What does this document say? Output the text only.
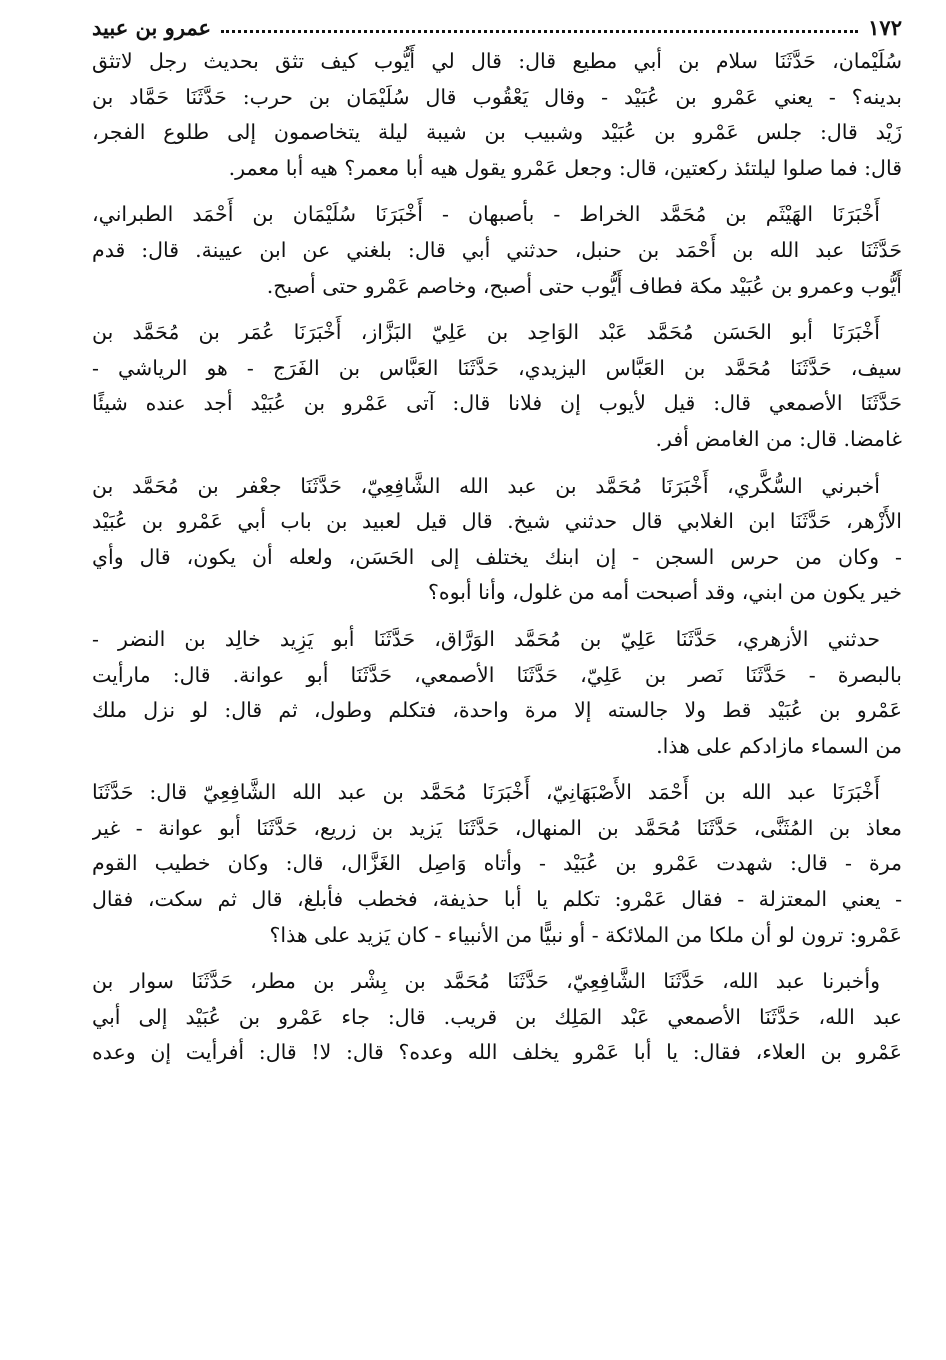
١٧٢
عمرو بن عبيد
سُلَيْمان، حَدَّثَنَا سلام بن أبي مطيع قال: قال لي أَيُّوب كيف تثق بحديث رجل لاتثق
بدينه؟ - يعني عَمْرو بن عُبَيْد - وقال يَعْقُوب قال سُلَيْمَان بن حرب: حَدَّثَنَا حَمَّاد بن
زَيْد قال: جلس عَمْرو بن عُبَيْد وشبيب بن شيبة ليلة يتخاصمون إلى طلوع الفجر،
قال: فما صلوا ليلتئذ ركعتين، قال: وجعل عَمْرو يقول هيه أبا معمر؟ هيه أبا معمر.
أَخْبَرَنَا الهَيْثَم بن مُحَمَّد الخراط - بأصبهان - أَخْبَرَنَا سُلَيْمَان بن أَحْمَد الطبراني،
حَدَّثَنَا عبد الله بن أَحْمَد بن حنبل، حدثني أبي قال: بلغني عن ابن عيينة. قال: قدم
أَيُّوب وعمرو بن عُبَيْد مكة فطاف أَيُّوب حتى أصبح، وخاصم عَمْرو حتى أصبح.
أَخْبَرَنَا أبو الحَسَن مُحَمَّد عَبْد الوَاحِد بن عَلِيّ البَزَّاز، أَخْبَرَنَا عُمَر بن مُحَمَّد بن
سيف، حَدَّثَنَا مُحَمَّد بن العَبَّاس اليزيدي، حَدَّثَنَا العَبَّاس بن الفَرَج - هو الرياشي -
حَدَّثَنَا الأصمعي قال: قيل لأيوب إن فلانا قال: آتى عَمْرو بن عُبَيْد أجد عنده شيئًا
غامضا. قال: من الغامض أفر.
أخبرني السُّكَّري، أَخْبَرَنَا مُحَمَّد بن عبد الله الشَّافِعِيّ، حَدَّثَنَا جعْفر بن مُحَمَّد بن
الأَزْهر، حَدَّثَنَا ابن الغلابي قال حدثني شيخ. قال قيل لعبيد بن باب أبي عَمْرو بن عُبَيْد
- وكان من حرس السجن - إن ابنك يختلف إلى الحَسَن، ولعله أن يكون، قال وأي
خير يكون من ابني، وقد أصبحت أمه من غلول، وأنا أبوه؟
حدثني الأزهري، حَدَّثَنَا عَلِيّ بن مُحَمَّد الوَرَّاق، حَدَّثَنَا أبو يَزِيد خالِد بن النضر -
بالبصرة - حَدَّثَنَا نَصر بن عَلِيّ، حَدَّثَنَا الأصمعي، حَدَّثَنَا أبو عوانة. قال: مارأيت
عَمْرو بن عُبَيْد قط ولا جالسته إلا مرة واحدة، فتكلم وطول، ثم قال: لو نزل ملك
من السماء مازادكم على هذا.
أَخْبَرَنَا عبد الله بن أَحْمَد الأَصْبَهَانِيّ، أَخْبَرَنَا مُحَمَّد بن عبد الله الشَّافِعِيّ قال: حَدَّثَنَا
معاذ بن المُثَنَّى، حَدَّثَنَا مُحَمَّد بن المنهال، حَدَّثَنَا يَزيد بن زريع، حَدَّثَنَا أبو عوانة - غير
مرة - قال: شهدت عَمْرو بن عُبَيْد - وأتاه وَاصِل الغَزَّال، قال: وكان خطيب القوم
- يعني المعتزلة - فقال عَمْرو: تكلم يا أبا حذيفة، فخطب فأبلغ، قال ثم سكت، فقال
عَمْرو: ترون لو أن ملكا من الملائكة - أو نبيًّا من الأنبياء - كان يَزيد على هذا؟
وأخبرنا عبد الله، حَدَّثَنَا الشَّافِعِيّ، حَدَّثَنَا مُحَمَّد بن بِشْر بن مطر، حَدَّثَنَا سوار بن
عبد الله، حَدَّثَنَا الأصمعي عَبْد المَلِك بن قريب. قال: جاء عَمْرو بن عُبَيْد إلى أبي
عَمْرو بن العلاء، فقال: يا أبا عَمْرو يخلف الله وعده؟ قال: لا! قال: أفرأيت إن وعده
